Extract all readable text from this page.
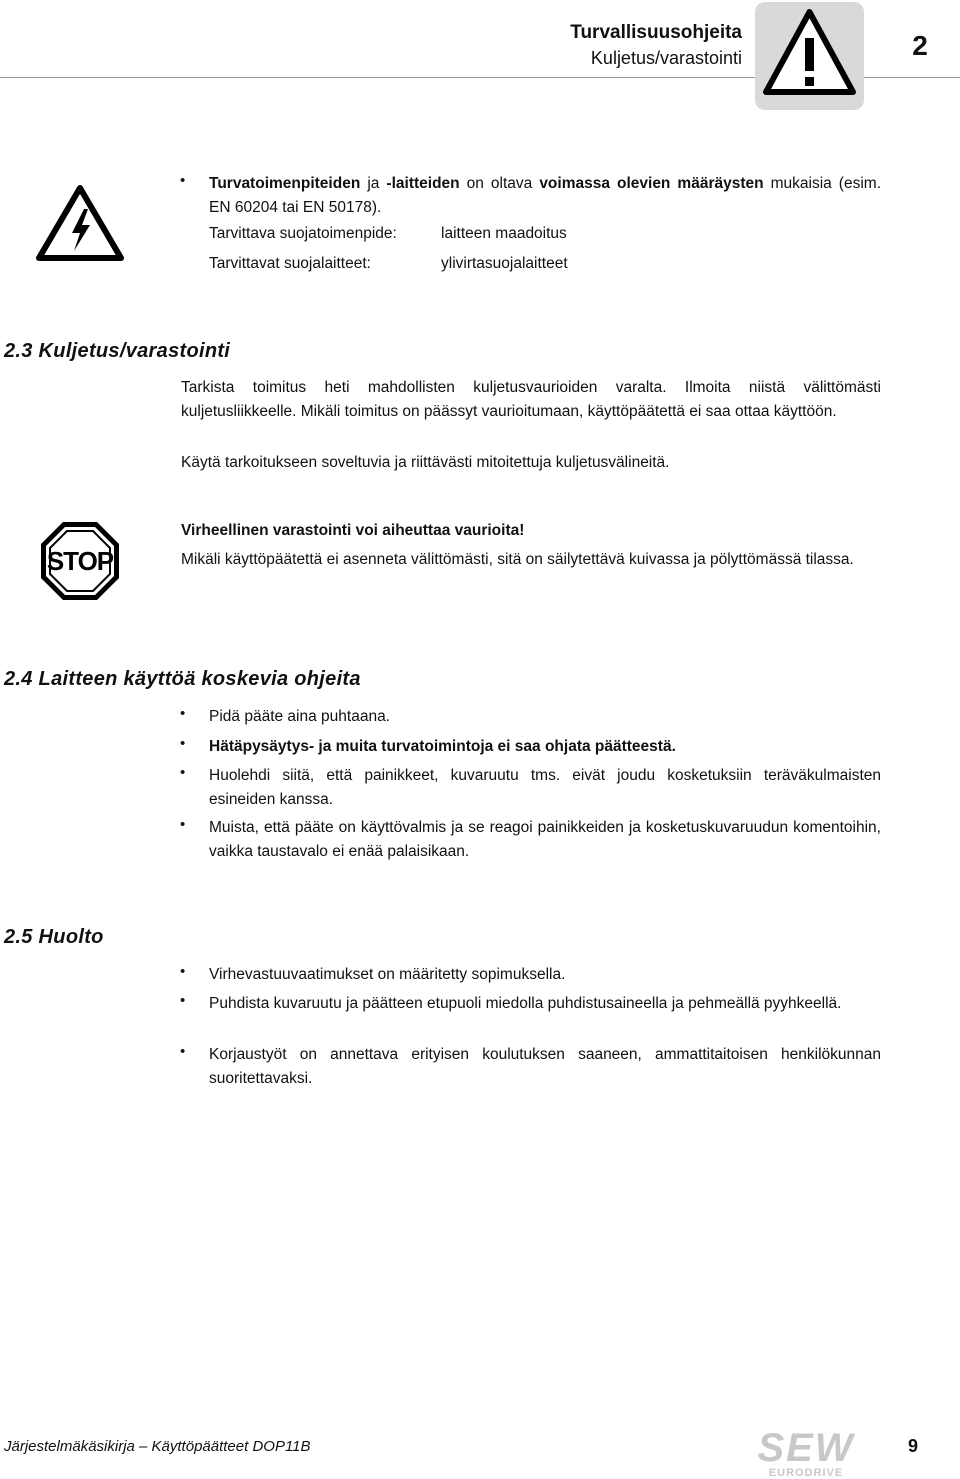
Turvallisuusohjeita
Kuljetus/varastointi	2
• Turvatoimenpiteiden ja -laitteiden on oltava voimassa olevien määräysten mukaisia (esim. EN 60204 tai EN 50178).
Tarvittava suojatoimenpide:	laitteen maadoitus
Tarvittavat suojalaitteet:	ylivirtasuojalaitteet
2.3 Kuljetus/varastointi
Tarkista toimitus heti mahdollisten kuljetusvaurioiden varalta. Ilmoita niistä välittömästi kuljetusliikkeelle. Mikäli toimitus on päässyt vaurioitumaan, käyttöpäätettä ei saa ottaa käyttöön.
Käytä tarkoitukseen soveltuvia ja riittävästi mitoitettuja kuljetusvälineitä.
STOP
Virheellinen varastointi voi aiheuttaa vaurioita!
Mikäli käyttöpäätettä ei asenneta välittömästi, sitä on säilytettävä kuivassa ja pölyttömässä tilassa.
2.4 Laitteen käyttöä koskevia ohjeita
• Pidä pääte aina puhtaana.
• Hätäpysäytys- ja muita turvatoimintoja ei saa ohjata päätteestä.
• Huolehdi siitä, että painikkeet, kuvaruutu tms. eivät joudu kosketuksiin teräväkulmaisten esineiden kanssa.
• Muista, että pääte on käyttövalmis ja se reagoi painikkeiden ja kosketuskuvaruudun komentoihin, vaikka taustavalo ei enää palaisikaan.
2.5 Huolto
• Virhevastuuvaatimukset on määritetty sopimuksella.
• Puhdista kuvaruutu ja päätteen etupuoli miedolla puhdistusaineella ja pehmeällä pyyhkeellä.
• Korjaustyöt on annettava erityisen koulutuksen saaneen, ammattitaitoisen henkilökunnan suoritettavaksi.
Järjestelmäkäsikirja – Käyttöpäätteet DOP11B	SEW
EURODRIVE
9
